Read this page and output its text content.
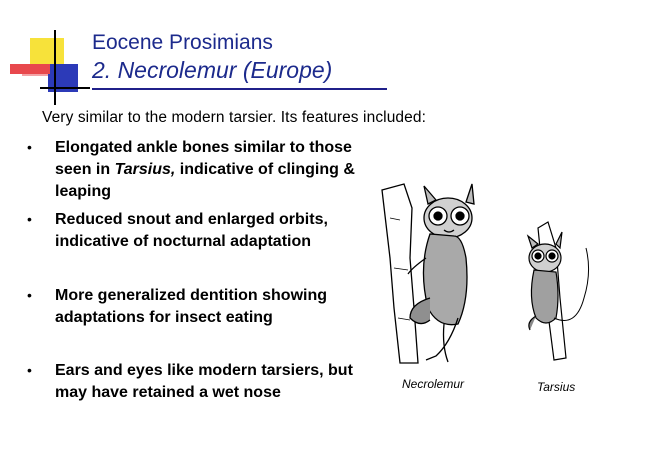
Eocene Prosimians
2. Necrolemur (Europe)
Very similar to the modern tarsier. Its features included:
• Elongated ankle bones similar to those seen in Tarsius, indicative of clinging & leaping
• Reduced snout and enlarged orbits, indicative of nocturnal adaptation
• More generalized dentition showing adaptations for insect eating
• Ears and eyes like modern tarsiers, but may have retained a wet nose	Necrolemur	Tarsius
